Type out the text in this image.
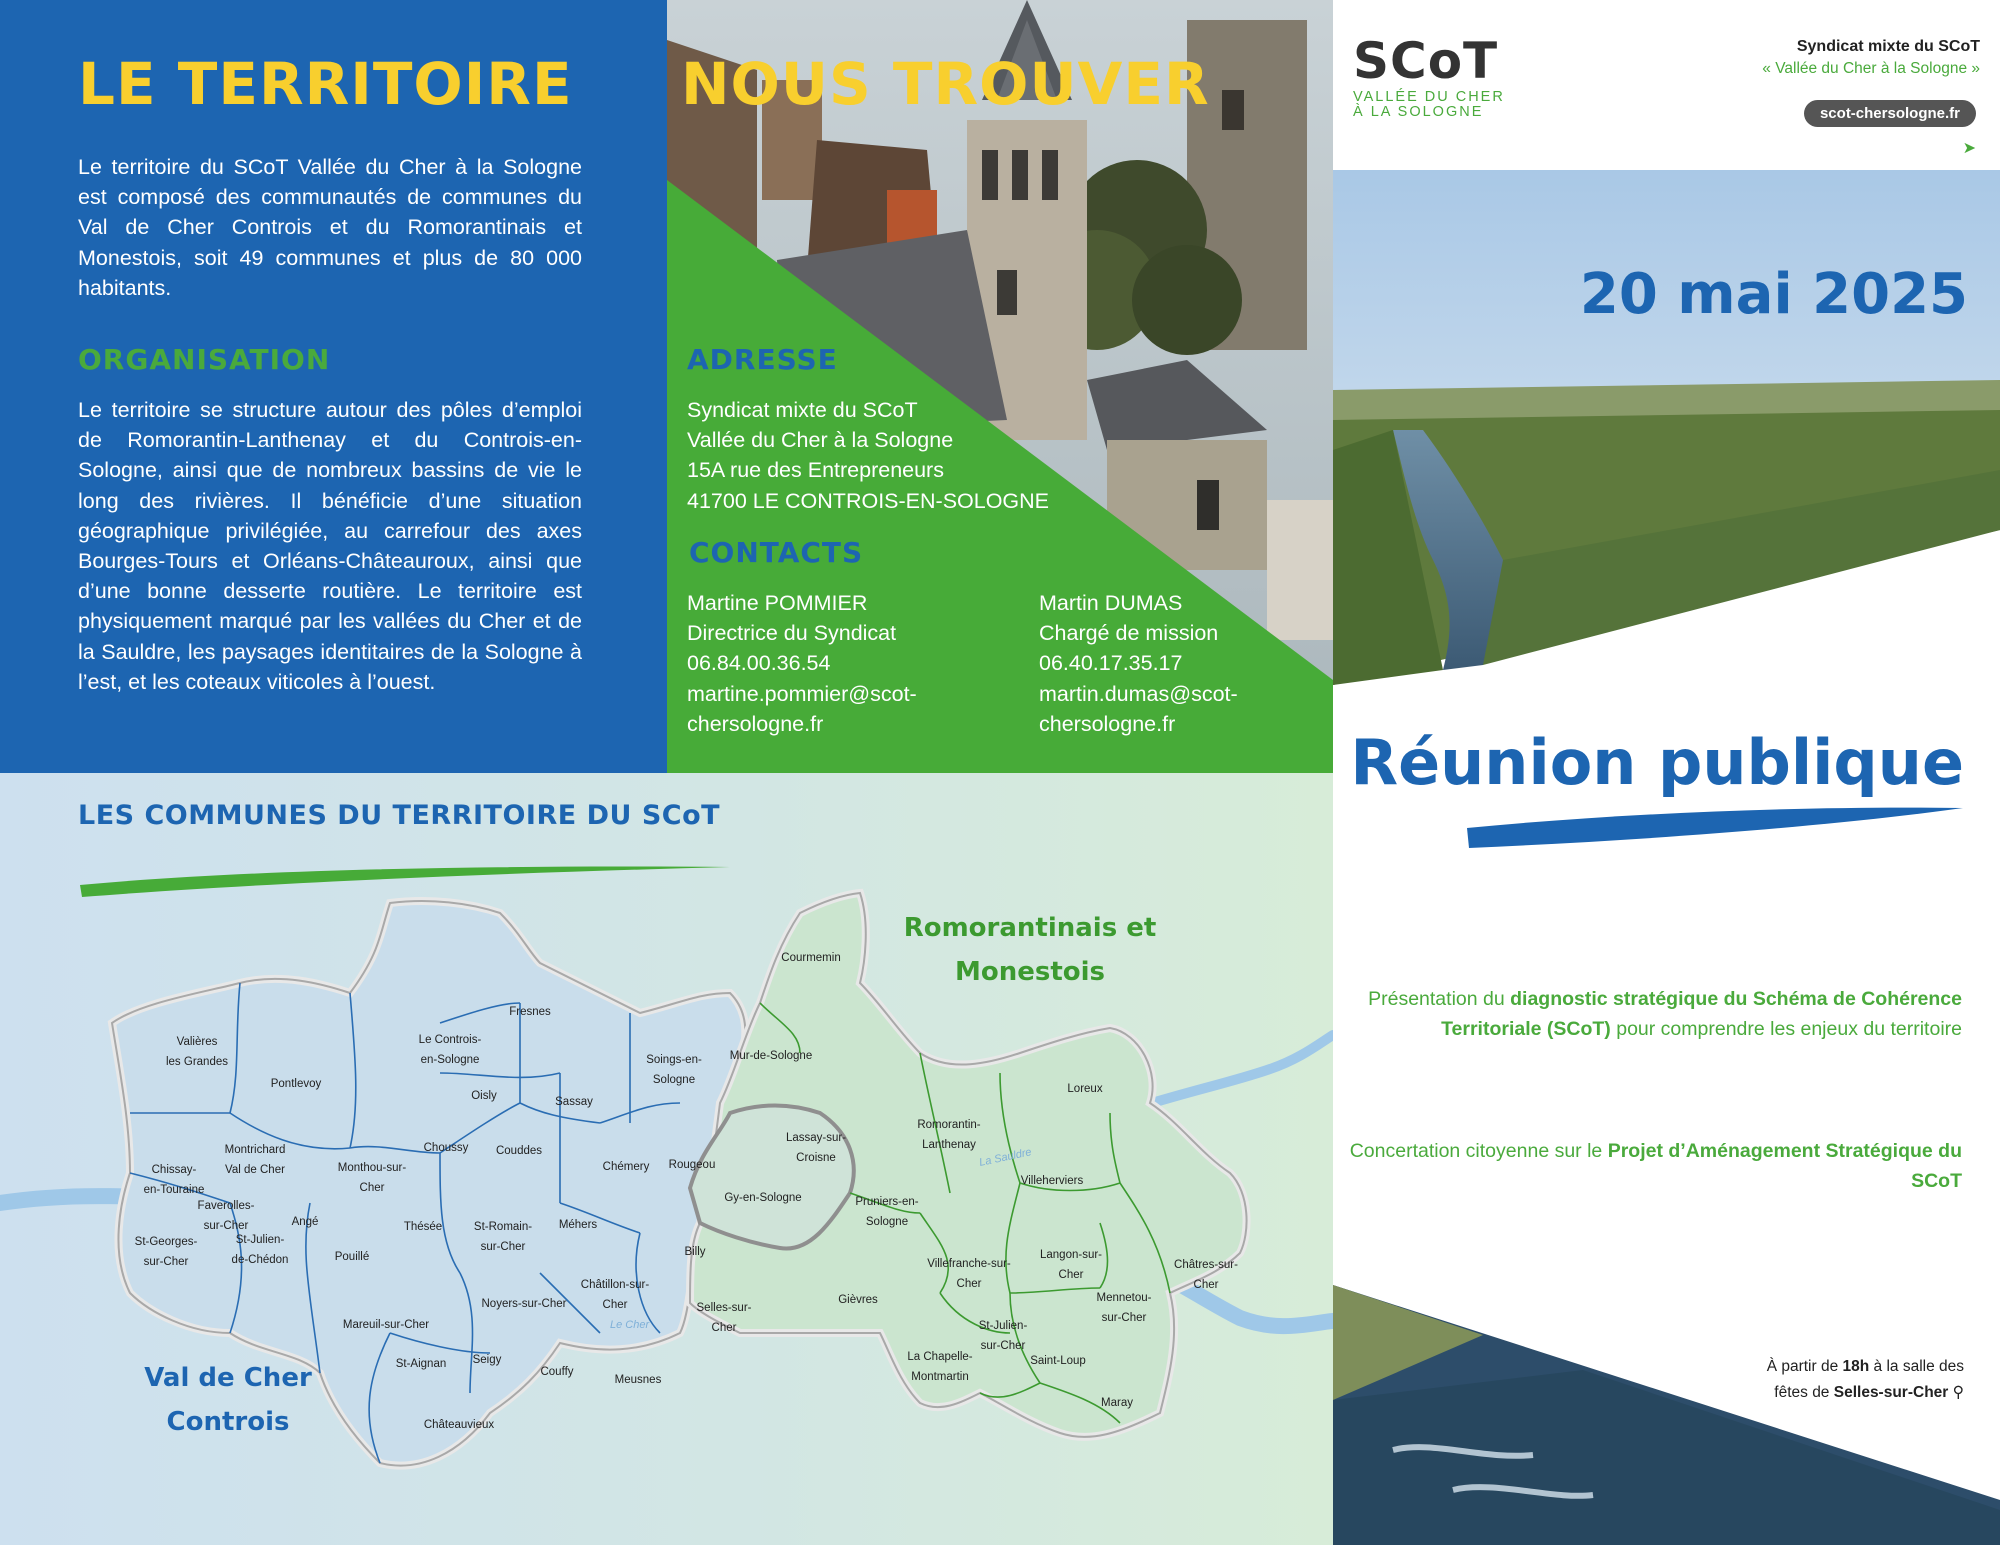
LE TERRITOIRE

Le territoire du SCoT Vallée du Cher à la Sologne est composé des communautés de communes du Val de Cher Controis et du Romorantinais et Monestois, soit 49 communes et plus de 80 000 habitants.

ORGANISATION

Le territoire se structure autour des pôles d’emploi de Romorantin-Lanthenay et du Controis-en-Sologne, ainsi que de nombreux bassins de vie le long des rivières. Il bénéficie d’une situation géographique privilégiée, au carrefour des axes Bourges-Tours et Orléans-Châteauroux, ainsi que d’une bonne desserte routière. Le territoire est physiquement marqué par les vallées du Cher et de la Sauldre, les paysages identitaires de la Sologne à l’est, et les coteaux viticoles à l’ouest.

NOUS TROUVER
ADRESSE
Syndicat mixte du SCoT
Vallée du Cher à la Sologne
15A rue des Entrepreneurs
41700 LE CONTROIS-EN-SOLOGNE
CONTACTS
Martine POMMIER
Directrice du Syndicat
06.84.00.36.54
martine.pommier@scot-
chersologne.fr
Martin DUMAS
Chargé de mission
06.40.17.35.17
martin.dumas@scot-
chersologne.fr
LES COMMUNES DU TERRITOIRE DU SCoT
Valières
les Grandes
Pontlevoy
Le Controis-
en-Sologne
Fresnes
Oisly	Sassay
Soings-en-
Sologne
Mur-de-Sologne
Courmemin
Montrichard
Val de Cher
Chissay-
en-Touraine
Monthou-sur-
Cher
Choussy Couddes
Chémery Rougeou
Lassay-sur-
Croisne
Gy-en-Sologne
Faverolles-
sur-Cher	Angé
St-Julien-
de-Chédon
St-Georges-
sur-Cher	Pouillé
Thésée	St-Romain-
sur-Cher
Méhers
Billy
Châtillon-sur-
Cher
Noyers-sur-Cher
Mareuil-sur-Cher
St-Aignan Seigy
Couffy
Meusnes
Châteauvieux
Selles-sur-
Cher
Gièvres
Pruniers-en-
Sologne
Romorantin-
Lanthenay
Villeherviers
Loreux
Villefranche-sur-
Cher
Langon-sur-
Cher
Châtres-sur-
Cher
Mennetou-
sur-Cher
St-Julien-
sur-Cher
La Chapelle-
Montmartin
Saint-Loup
Maray
Le Cher
La Sauldre
Val de Cher
Controis
Romorantinais et
Monestois
SCoT
VALLÉE DU CHER
À LA SOLOGNE
Syndicat mixte du SCoT
« Vallée du Cher à la Sologne »
scot-chersologne.fr
➤
20 mai 2025
Réunion publique

Présentation du diagnostic stratégique du Schéma de Cohérence Territoriale (SCoT) pour comprendre les enjeux du territoire

Concertation citoyenne sur le Projet d’Aménagement Stratégique du SCoT

À partir de 18h à la salle des
fêtes de Selles-sur-Cher ⚲
